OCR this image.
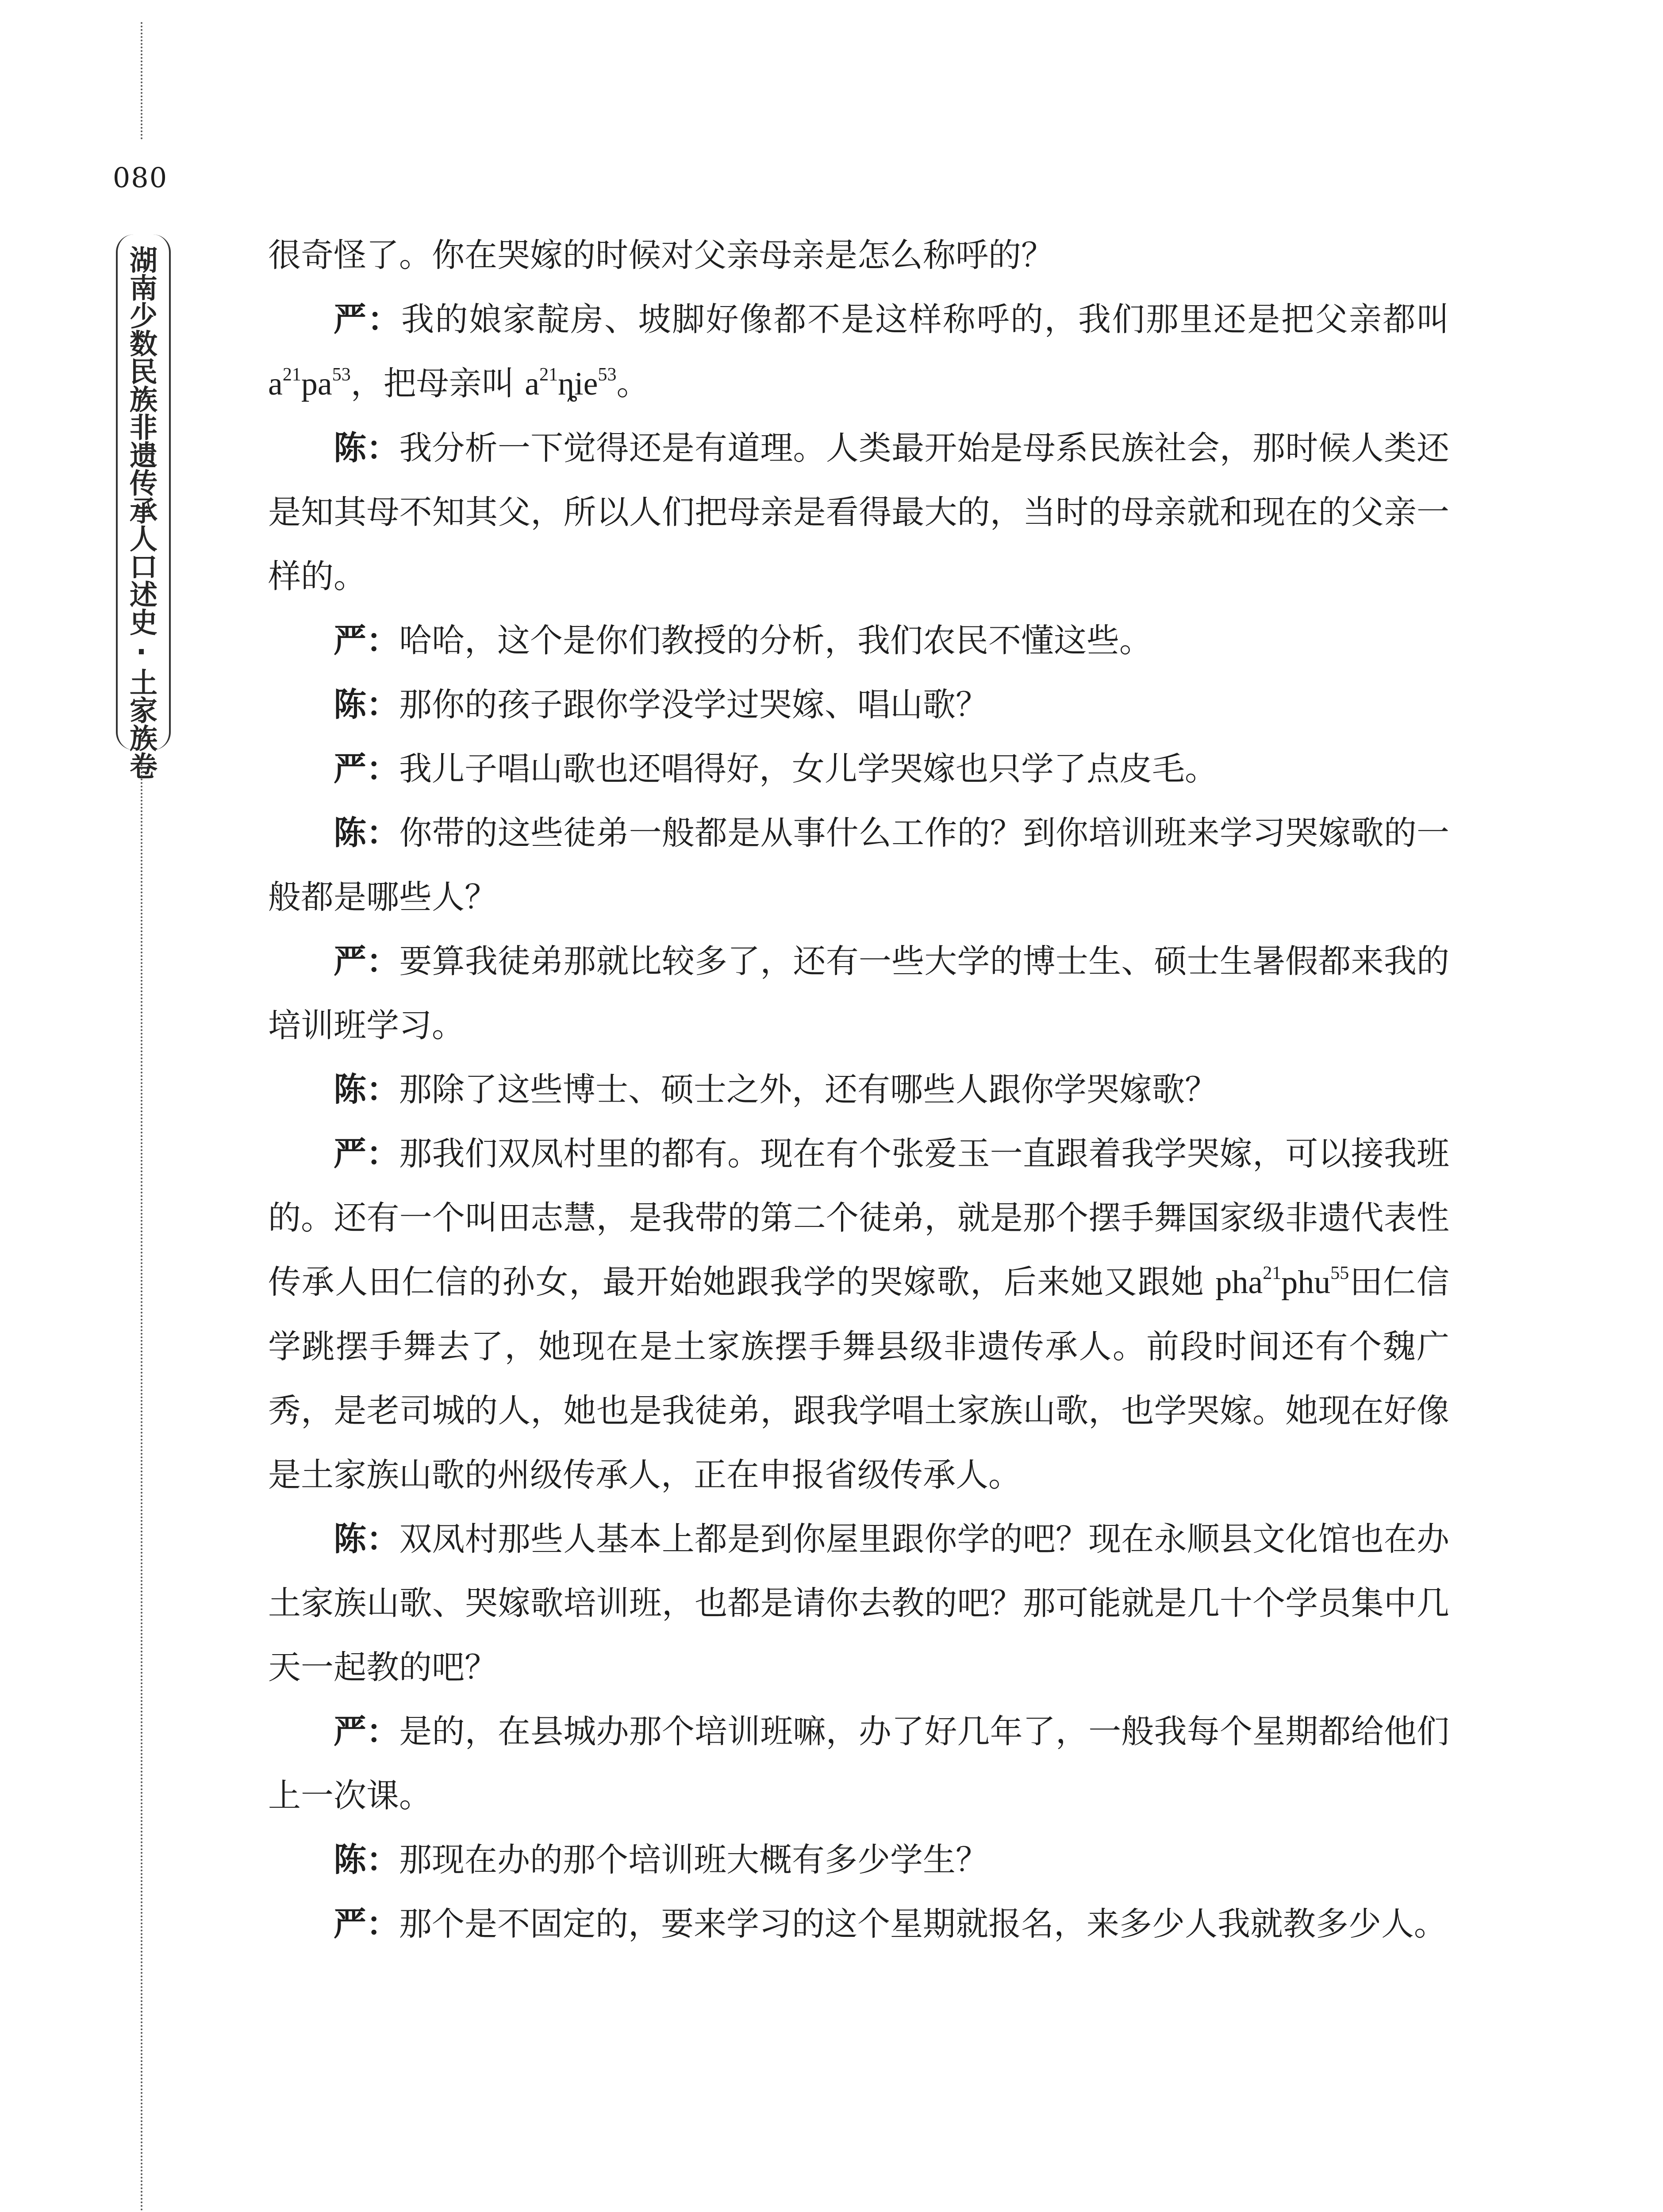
080
湖南少数民族非遗传承人口述史·土家族卷	很奇怪了。你在哭嫁的时候对父亲母亲是怎么称呼的？

严：我的娘家靛房、坡脚好像都不是这样称呼的，我们那里还是把父亲都叫 $a^{21}pa^{53}$，把母亲叫 $a^{21}ȵie^{53}$。

陈：我分析一下觉得还是有道理。人类最开始是母系民族社会，那时候人类还是知其母不知其父，所以人们把母亲是看得最大的，当时的母亲就和现在的父亲一样的。

严：哈哈，这个是你们教授的分析，我们农民不懂这些。

陈：那你的孩子跟你学没学过哭嫁、唱山歌？

严：我儿子唱山歌也还唱得好，女儿学哭嫁也只学了点皮毛。

陈：你带的这些徒弟一般都是从事什么工作的？到你培训班来学习哭嫁歌的一般都是哪些人？

严：要算我徒弟那就比较多了，还有一些大学的博士生、硕士生暑假都来我的培训班学习。

陈：那除了这些博士、硕士之外，还有哪些人跟你学哭嫁歌？

严：那我们双凤村里的都有。现在有个张爱玉一直跟着我学哭嫁，可以接我班的。还有一个叫田志慧，是我带的第二个徒弟，就是那个摆手舞国家级非遗代表性传承人田仁信的孙女，最开始她跟我学的哭嫁歌，后来她又跟她 pha$^{21}$phu$^{55}$田仁信学跳摆手舞去了，她现在是土家族摆手舞县级非遗传承人。前段时间还有个魏广秀，是老司城的人，她也是我徒弟，跟我学唱土家族山歌，也学哭嫁。她现在好像是土家族山歌的州级传承人，正在申报省级传承人。

陈：双凤村那些人基本上都是到你屋里跟你学的吧？现在永顺县文化馆也在办土家族山歌、哭嫁歌培训班，也都是请你去教的吧？那可能就是几十个学员集中几天一起教的吧？

严：是的，在县城办那个培训班嘛，办了好几年了，一般我每个星期都给他们上一次课。

陈：那现在办的那个培训班大概有多少学生？

严：那个是不固定的，要来学习的这个星期就报名，来多少人我就教多少人。
